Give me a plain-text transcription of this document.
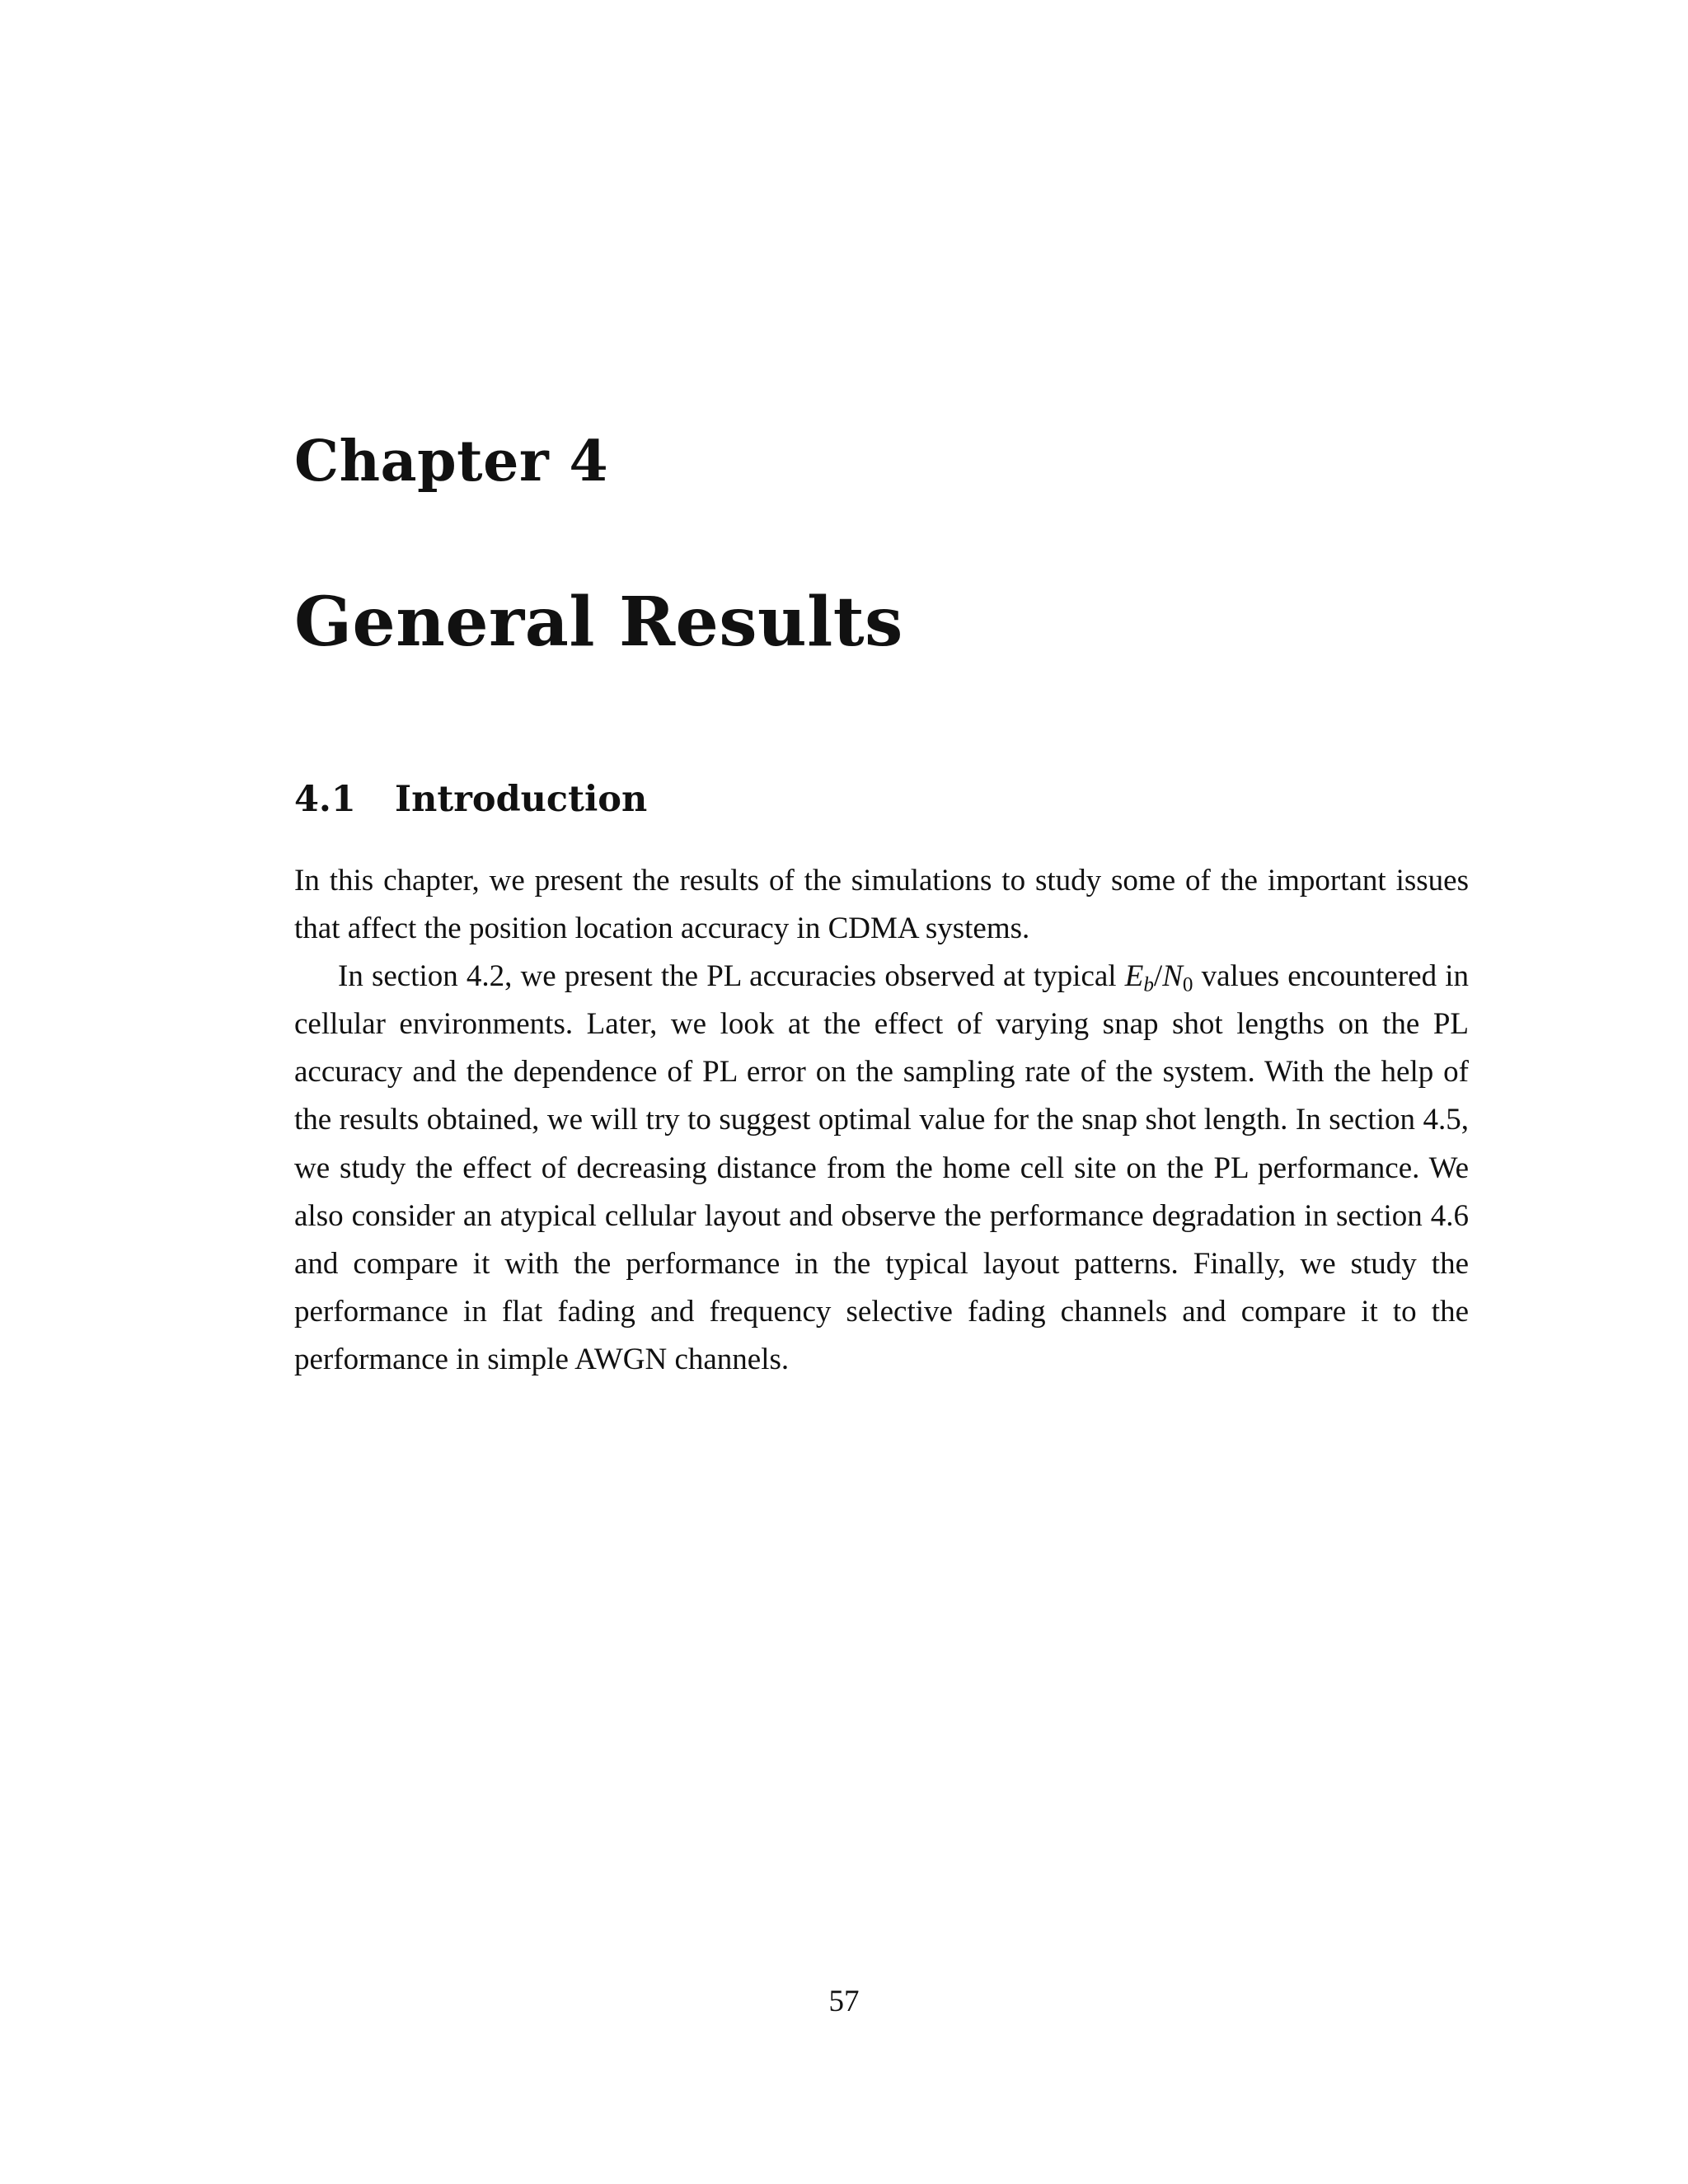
Chapter 4
General Results
4.1	Introduction

In this chapter, we present the results of the simulations to study some of the important issues that affect the position location accuracy in CDMA systems.

In section 4.2, we present the PL accuracies observed at typical $E_b/N_0$ values encountered in cellular environments. Later, we look at the effect of varying snap shot lengths on the PL accuracy and the dependence of PL error on the sampling rate of the system. With the help of the results obtained, we will try to suggest optimal value for the snap shot length. In section 4.5, we study the effect of decreasing distance from the home cell site on the PL performance. We also consider an atypical cellular layout and observe the performance degradation in section 4.6 and compare it with the performance in the typical layout patterns. Finally, we study the performance in flat fading and frequency selective fading channels and compare it to the performance in simple AWGN channels.

57
